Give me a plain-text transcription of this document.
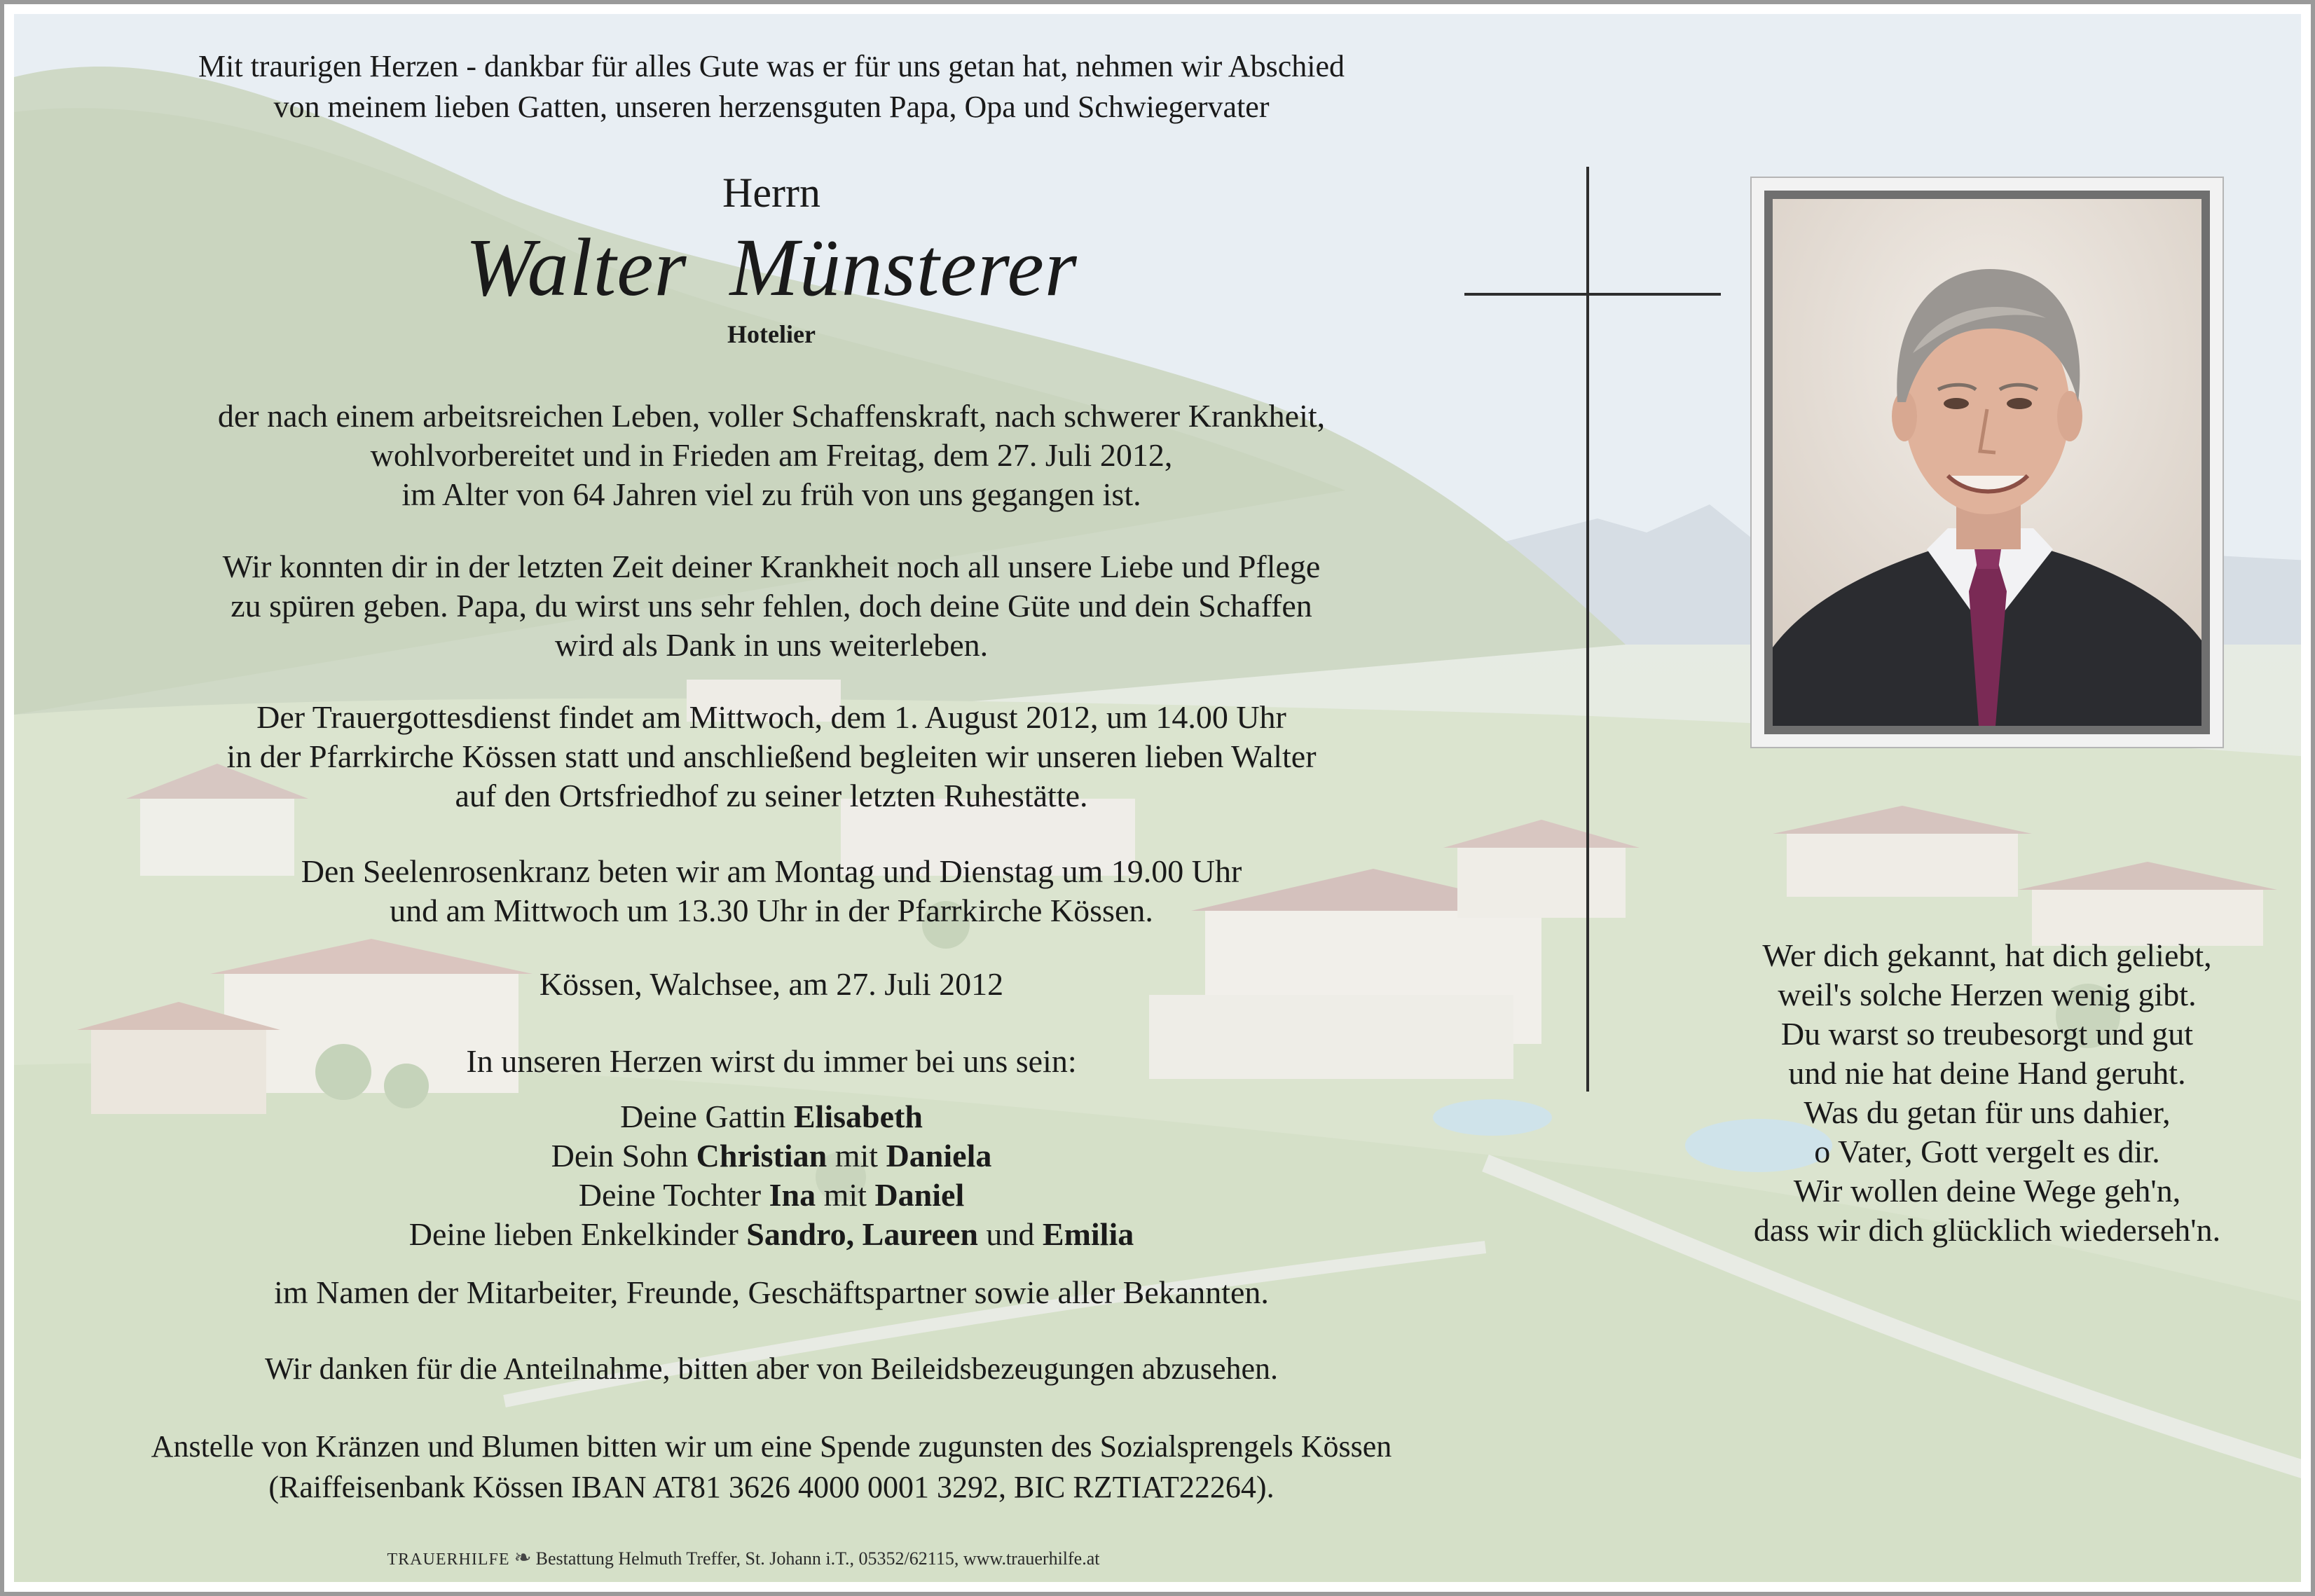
Mit traurigen Herzen - dankbar für alles Gute was er für uns getan hat, nehmen wir Abschied
von meinem lieben Gatten, unseren herzensguten Papa, Opa und Schwiegervater
Herrn
Walter  Münsterer
Hotelier
der nach einem arbeitsreichen Leben, voller Schaffenskraft, nach schwerer Krankheit,
wohlvorbereitet und in Frieden am Freitag, dem 27. Juli 2012,
im Alter von 64 Jahren viel zu früh von uns gegangen ist.
Wir konnten dir in der letzten Zeit deiner Krankheit noch all unsere Liebe und Pflege
zu spüren geben. Papa, du wirst uns sehr fehlen, doch deine Güte und dein Schaffen
wird als Dank in uns weiterleben.
Der Trauergottesdienst findet am Mittwoch, dem 1. August 2012, um 14.00 Uhr
in der Pfarrkirche Kössen statt und anschließend begleiten wir unseren lieben Walter
auf den Ortsfriedhof zu seiner letzten Ruhestätte.
Den Seelenrosenkranz beten wir am Montag und Dienstag um 19.00 Uhr
und am Mittwoch um 13.30 Uhr in der Pfarrkirche Kössen.
Kössen, Walchsee, am 27. Juli 2012
In unseren Herzen wirst du immer bei uns sein:
Deine Gattin Elisabeth
Dein Sohn Christian mit Daniela
Deine Tochter Ina mit Daniel
Deine lieben Enkelkinder Sandro, Laureen und Emilia
im Namen der Mitarbeiter, Freunde, Geschäftspartner sowie aller Bekannten.
Wir danken für die Anteilnahme, bitten aber von Beileidsbezeugungen abzusehen.
Anstelle von Kränzen und Blumen bitten wir um eine Spende zugunsten des Sozialsprengels Kössen
(Raiffeisenbank Kössen IBAN AT81 3626 4000 0001 3292, BIC RZTIAT22264).
TRAUERHILFE ❧ Bestattung Helmuth Treffer, St. Johann i.T., 05352/62115, www.trauerhilfe.at
Wer dich gekannt, hat dich geliebt,
weil's solche Herzen wenig gibt.
Du warst so treubesorgt und gut
und nie hat deine Hand geruht.
Was du getan für uns dahier,
o Vater, Gott vergelt es dir.
Wir wollen deine Wege geh'n,
dass wir dich glücklich wiederseh'n.
